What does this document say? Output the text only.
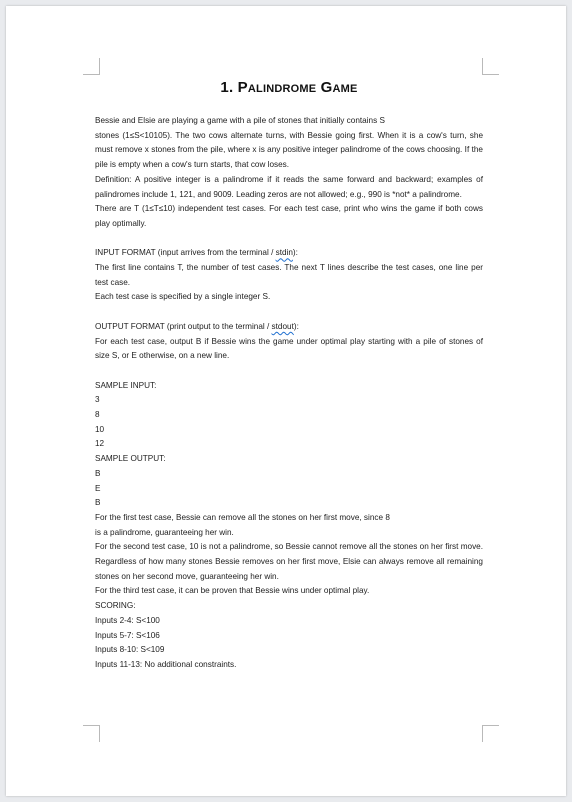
1. Palindrome Game

Bessie and Elsie are playing a game with a pile of stones that initially contains S

stones (1≤S<10105). The two cows alternate turns, with Bessie going first. When it is a cow's turn, she must remove x stones from the pile, where x is any positive integer palindrome of the cows choosing. If the pile is empty when a cow's turn starts, that cow loses.

Definition: A positive integer is a palindrome if it reads the same forward and backward; examples of palindromes include 1, 121, and 9009. Leading zeros are not allowed; e.g., 990 is *not* a palindrome.

There are T (1≤T≤10) independent test cases. For each test case, print who wins the game if both cows play optimally.

INPUT FORMAT (input arrives from the terminal / stdin):

The first line contains T, the number of test cases. The next T lines describe the test cases, one line per test case.

Each test case is specified by a single integer S.

OUTPUT FORMAT (print output to the terminal / stdout):

For each test case, output B if Bessie wins the game under optimal play starting with a pile of stones of size S, or E otherwise, on a new line.

SAMPLE INPUT:

3

8

10

12

SAMPLE OUTPUT:

B

E

B

For the first test case, Bessie can remove all the stones on her first move, since 8

is a palindrome, guaranteeing her win.

For the second test case, 10 is not a palindrome, so Bessie cannot remove all the stones on her first move. Regardless of how many stones Bessie removes on her first move, Elsie can always remove all remaining stones on her second move, guaranteeing her win.

For the third test case, it can be proven that Bessie wins under optimal play.

SCORING:

Inputs 2-4: S<100

Inputs 5-7: S<106

Inputs 8-10: S<109

Inputs 11-13: No additional constraints.
